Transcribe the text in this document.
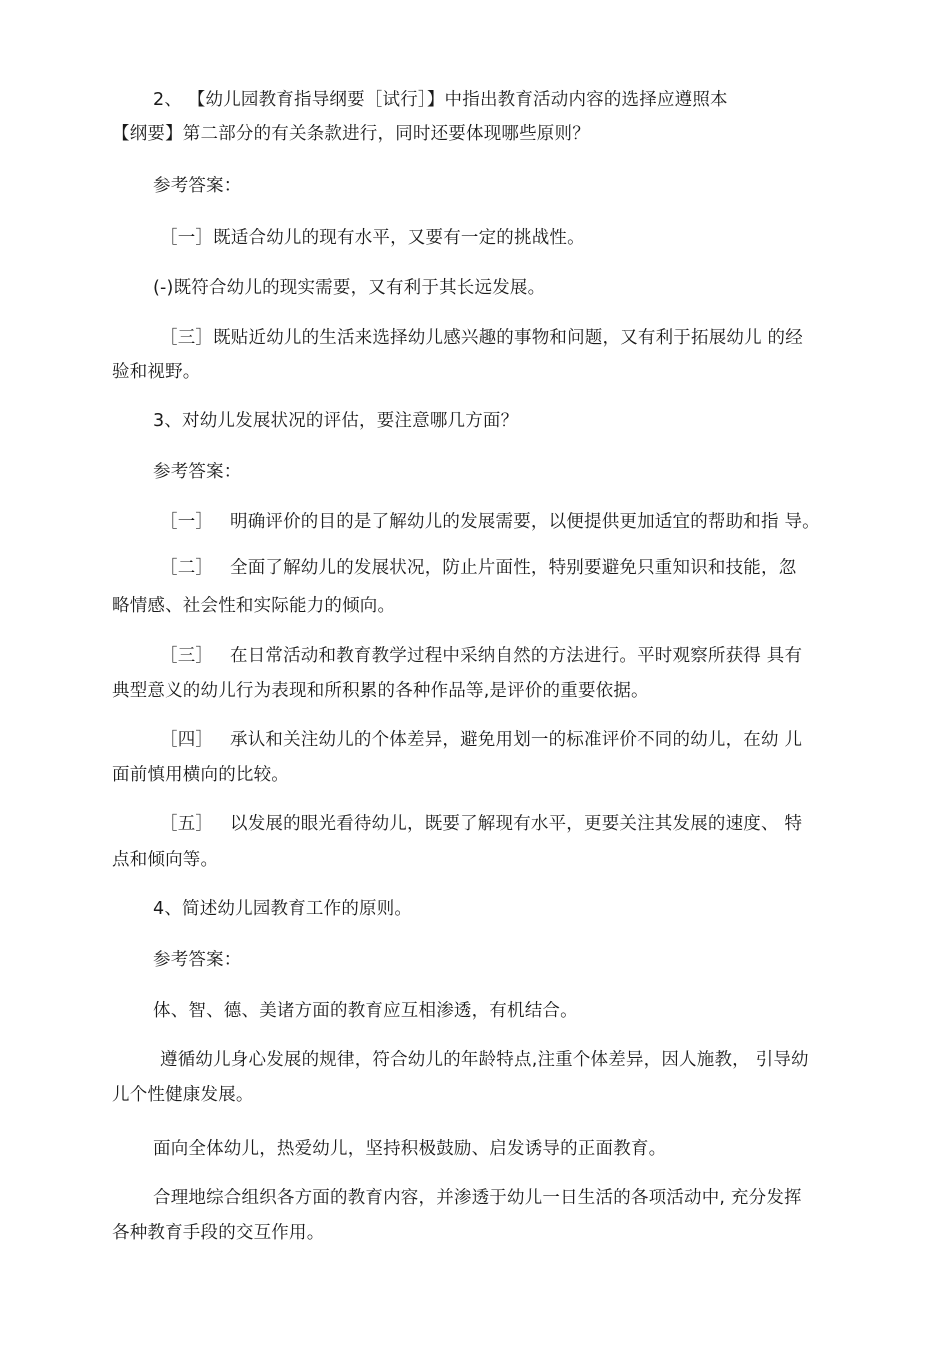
2、 【幼儿园教育指导纲要［试行］】中指出教育活动内容的选择应遵照本
【纲要】第二部分的有关条款进行，同时还要体现哪些原则？
参考答案：
［一］既适合幼儿的现有水平，又要有一定的挑战性。
(-)既符合幼儿的现实需要，又有利于其长远发展。
［三］既贴近幼儿的生活来选择幼儿感兴趣的事物和问题，又有利于拓展幼儿 的经
验和视野。
3、对幼儿发展状况的评估，要注意哪几方面？
参考答案：
［一］ 明确评价的目的是了解幼儿的发展需要，以便提供更加适宜的帮助和指 导。
［二］ 全面了解幼儿的发展状况，防止片面性，特别要避免只重知识和技能，忽
略情感、社会性和实际能力的倾向。
［三］ 在日常活动和教育教学过程中采纳自然的方法进行。平时观察所获得 具有
典型意义的幼儿行为表现和所积累的各种作品等,是评价的重要依据。
［四］ 承认和关注幼儿的个体差异，避免用划一的标准评价不同的幼儿，在幼 儿
面前慎用横向的比较。
［五］ 以发展的眼光看待幼儿，既要了解现有水平，更要关注其发展的速度、 特
点和倾向等。
4、简述幼儿园教育工作的原则。
参考答案：
体、智、德、美诸方面的教育应互相渗透，有机结合。
遵循幼儿身心发展的规律，符合幼儿的年龄特点,注重个体差异，因人施教， 引导幼
儿个性健康发展。
面向全体幼儿，热爱幼儿，坚持积极鼓励、启发诱导的正面教育。
合理地综合组织各方面的教育内容，并渗透于幼儿一日生活的各项活动中, 充分发挥
各种教育手段的交互作用。
